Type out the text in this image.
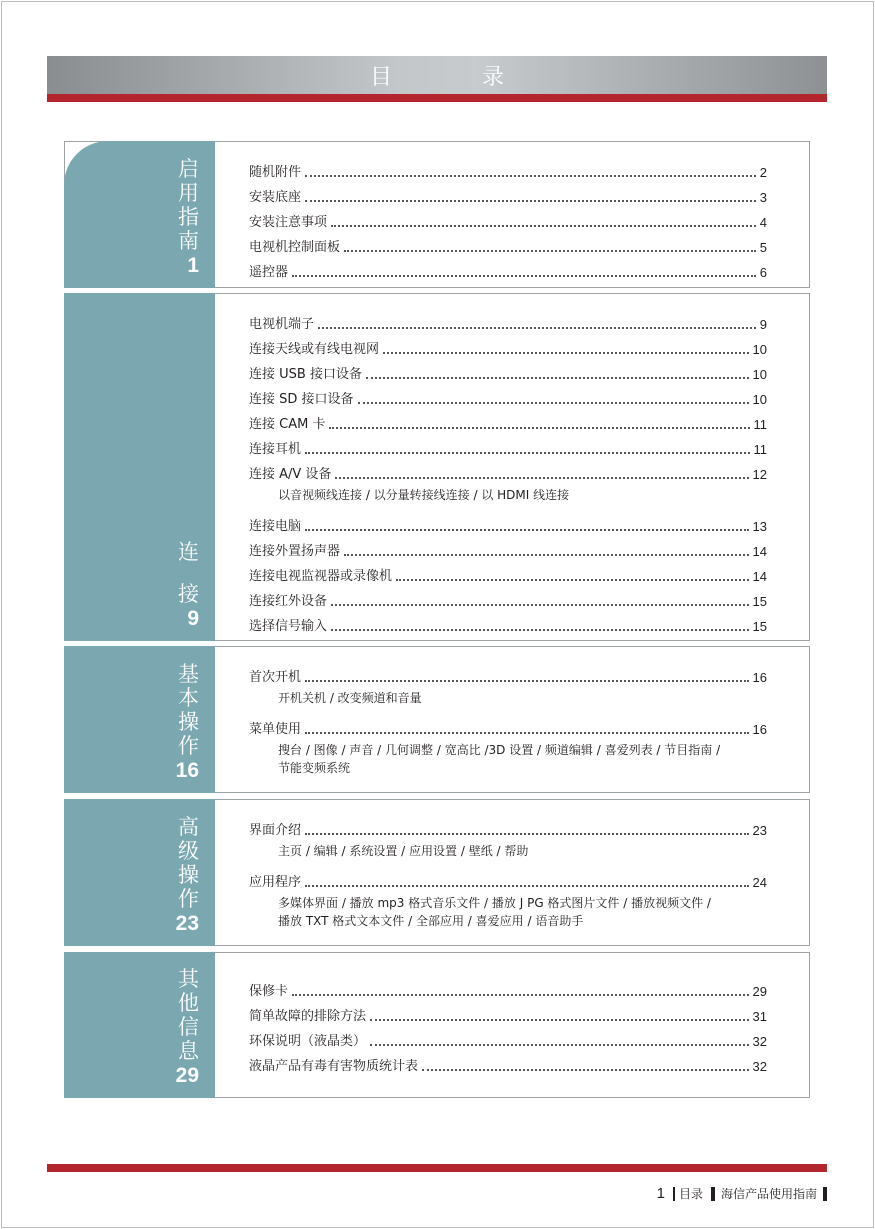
目　录
启
用
指
南
1
随机附件	2
安装底座	3
安装注意事项	4
电视机控制面板	5
遥控器	6
连
接
9
电视机端子	9
连接天线或有线电视网	10
连接 USB 接口设备	10
连接 SD 接口设备	10
连接 CAM 卡	11
连接耳机	11
连接 A/V 设备	12
以音视频线连接 / 以分量转接线连接 / 以 HDMI 线连接
连接电脑	13
连接外置扬声器	14
连接电视监视器或录像机	14
连接红外设备	15
选择信号输入	15
基
本
操
作
16
首次开机	16
开机关机 / 改变频道和音量
菜单使用	16
搜台 / 图像 / 声音 / 几何调整 / 宽高比 /3D 设置 / 频道编辑 / 喜爱列表 / 节目指南 /
节能变频系统
高
级
操
作
23
界面介绍	23
主页 / 编辑 / 系统设置 / 应用设置 / 壁纸 / 帮助
应用程序	24
多媒体界面 / 播放 mp3 格式音乐文件 / 播放 J PG 格式图片文件 / 播放视频文件 /
播放 TXT 格式文本文件 / 全部应用 / 喜爱应用 / 语音助手
其
他
信
息
29
保修卡	29
简单故障的排除方法	31
环保说明（液晶类）	32
液晶产品有毒有害物质统计表	32
1 目录 海信产品使用指南
